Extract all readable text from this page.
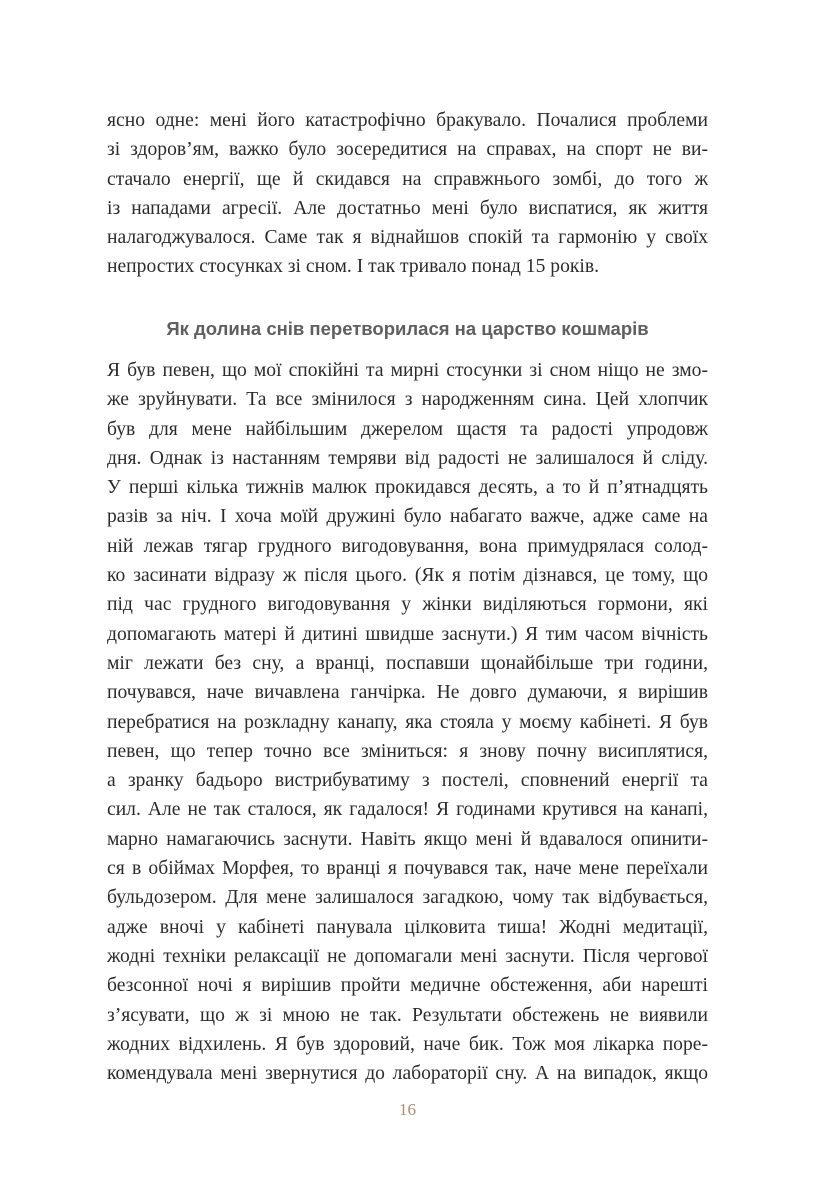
ясно одне: мені його катастрофічно бракувало. Почалися проблеми
зі здоров’ям, важко було зосередитися на справах, на спорт не ви-
стачало енергії, ще й скидався на справжнього зомбі, до того ж
із нападами агресії. Але достатньо мені було виспатися, як життя
налагоджувалося. Саме так я віднайшов спокій та гармонію у своїх
непростих стосунках зі сном. І так тривало понад 15 років.
Як долина снів перетворилася на царство кошмарів
Я був певен, що мої спокійні та мирні стосунки зі сном ніщо не змо-
же зруйнувати. Та все змінилося з народженням сина. Цей хлопчик
був для мене найбільшим джерелом щастя та радості упродовж
дня. Однак із настанням темряви від радості не залишалося й сліду.
У перші кілька тижнів малюк прокидався десять, а то й п’ятнадцять
разів за ніч. І хоча моїй дружині було набагато важче, адже саме на
ній лежав тягар грудного вигодовування, вона примудрялася солод-
ко засинати відразу ж після цього. (Як я потім дізнався, це тому, що
під час грудного вигодовування у жінки виділяються гормони, які
допомагають матері й дитині швидше заснути.) Я тим часом вічність
міг лежати без сну, а вранці, поспавши щонайбільше три години,
почувався, наче вичавлена ганчірка. Не довго думаючи, я вирішив
перебратися на розкладну канапу, яка стояла у моєму кабінеті. Я був
певен, що тепер точно все зміниться: я знову почну висиплятися,
а зранку бадьоро вистрибуватиму з постелі, сповнений енергії та
сил. Але не так сталося, як гадалося! Я годинами крутився на канапі,
марно намагаючись заснути. Навіть якщо мені й вдавалося опинити-
ся в обіймах Морфея, то вранці я почувався так, наче мене переїхали
бульдозером. Для мене залишалося загадкою, чому так відбувається,
адже вночі у кабінеті панувала цілковита тиша! Жодні медитації,
жодні техніки релаксації не допомагали мені заснути. Після чергової
безсонної ночі я вирішив пройти медичне обстеження, аби нарешті
з’ясувати, що ж зі мною не так. Результати обстежень не виявили
жодних відхилень. Я був здоровий, наче бик. Тож моя лікарка поре-
комендувала мені звернутися до лабораторії сну. А на випадок, якщо
16
